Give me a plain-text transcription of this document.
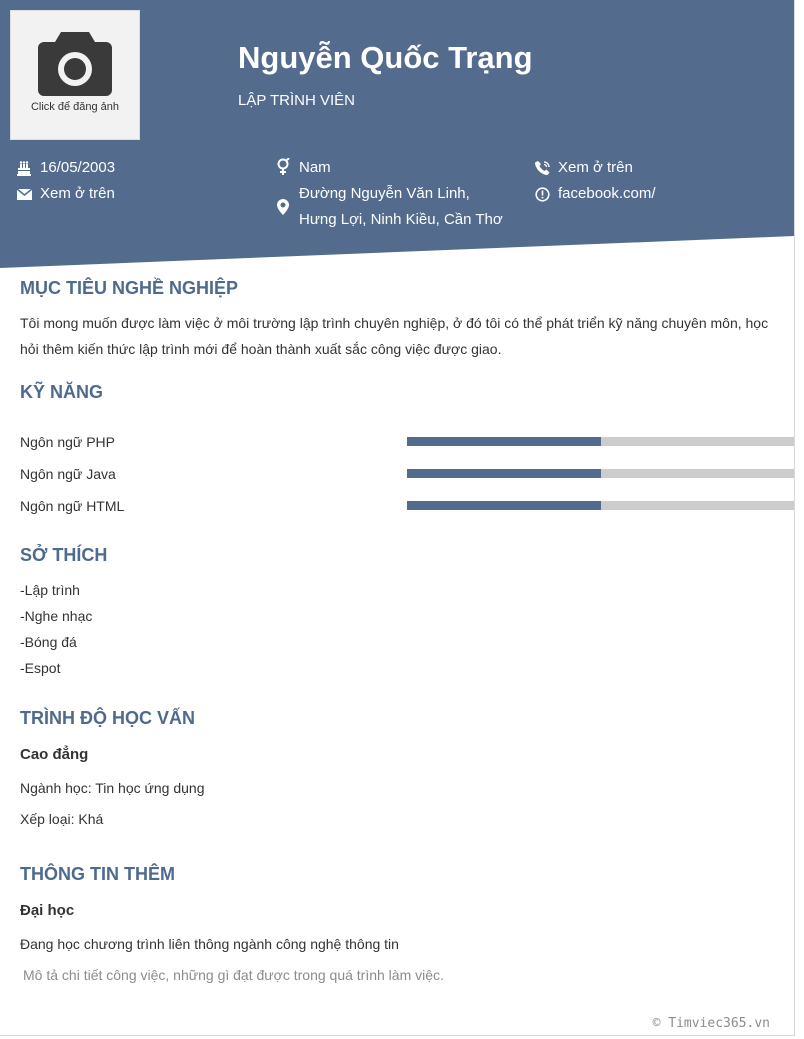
Click để đăng ảnh
Nguyễn Quốc Trạng
LẬP TRÌNH VIÊN
16/05/2003
Xem ở trên
Nam
Đường Nguyễn Văn Linh,
Hưng Lợi, Ninh Kiều, Cần Thơ
Xem ở trên
facebook.com/
MỤC TIÊU NGHỀ NGHIỆP
Tôi mong muốn được làm việc ở môi trường lập trình chuyên nghiệp, ở đó tôi có thể phát triển kỹ năng chuyên môn, học hỏi thêm kiến thức lập trình mới để hoàn thành xuất sắc công việc được giao.
KỸ NĂNG
Ngôn ngữ PHP
Ngôn ngữ Java
Ngôn ngữ HTML
SỞ THÍCH
-Lập trình
-Nghe nhạc
-Bóng đá
-Espot
TRÌNH ĐỘ HỌC VẤN
Cao đẳng
Ngành học: Tin học ứng dụng
Xếp loại: Khá
THÔNG TIN THÊM
Đại học
Đang học chương trình liên thông ngành công nghệ thông tin
Mô tả chi tiết công việc, những gì đạt được trong quá trình làm việc.
© Timviec365.vn
